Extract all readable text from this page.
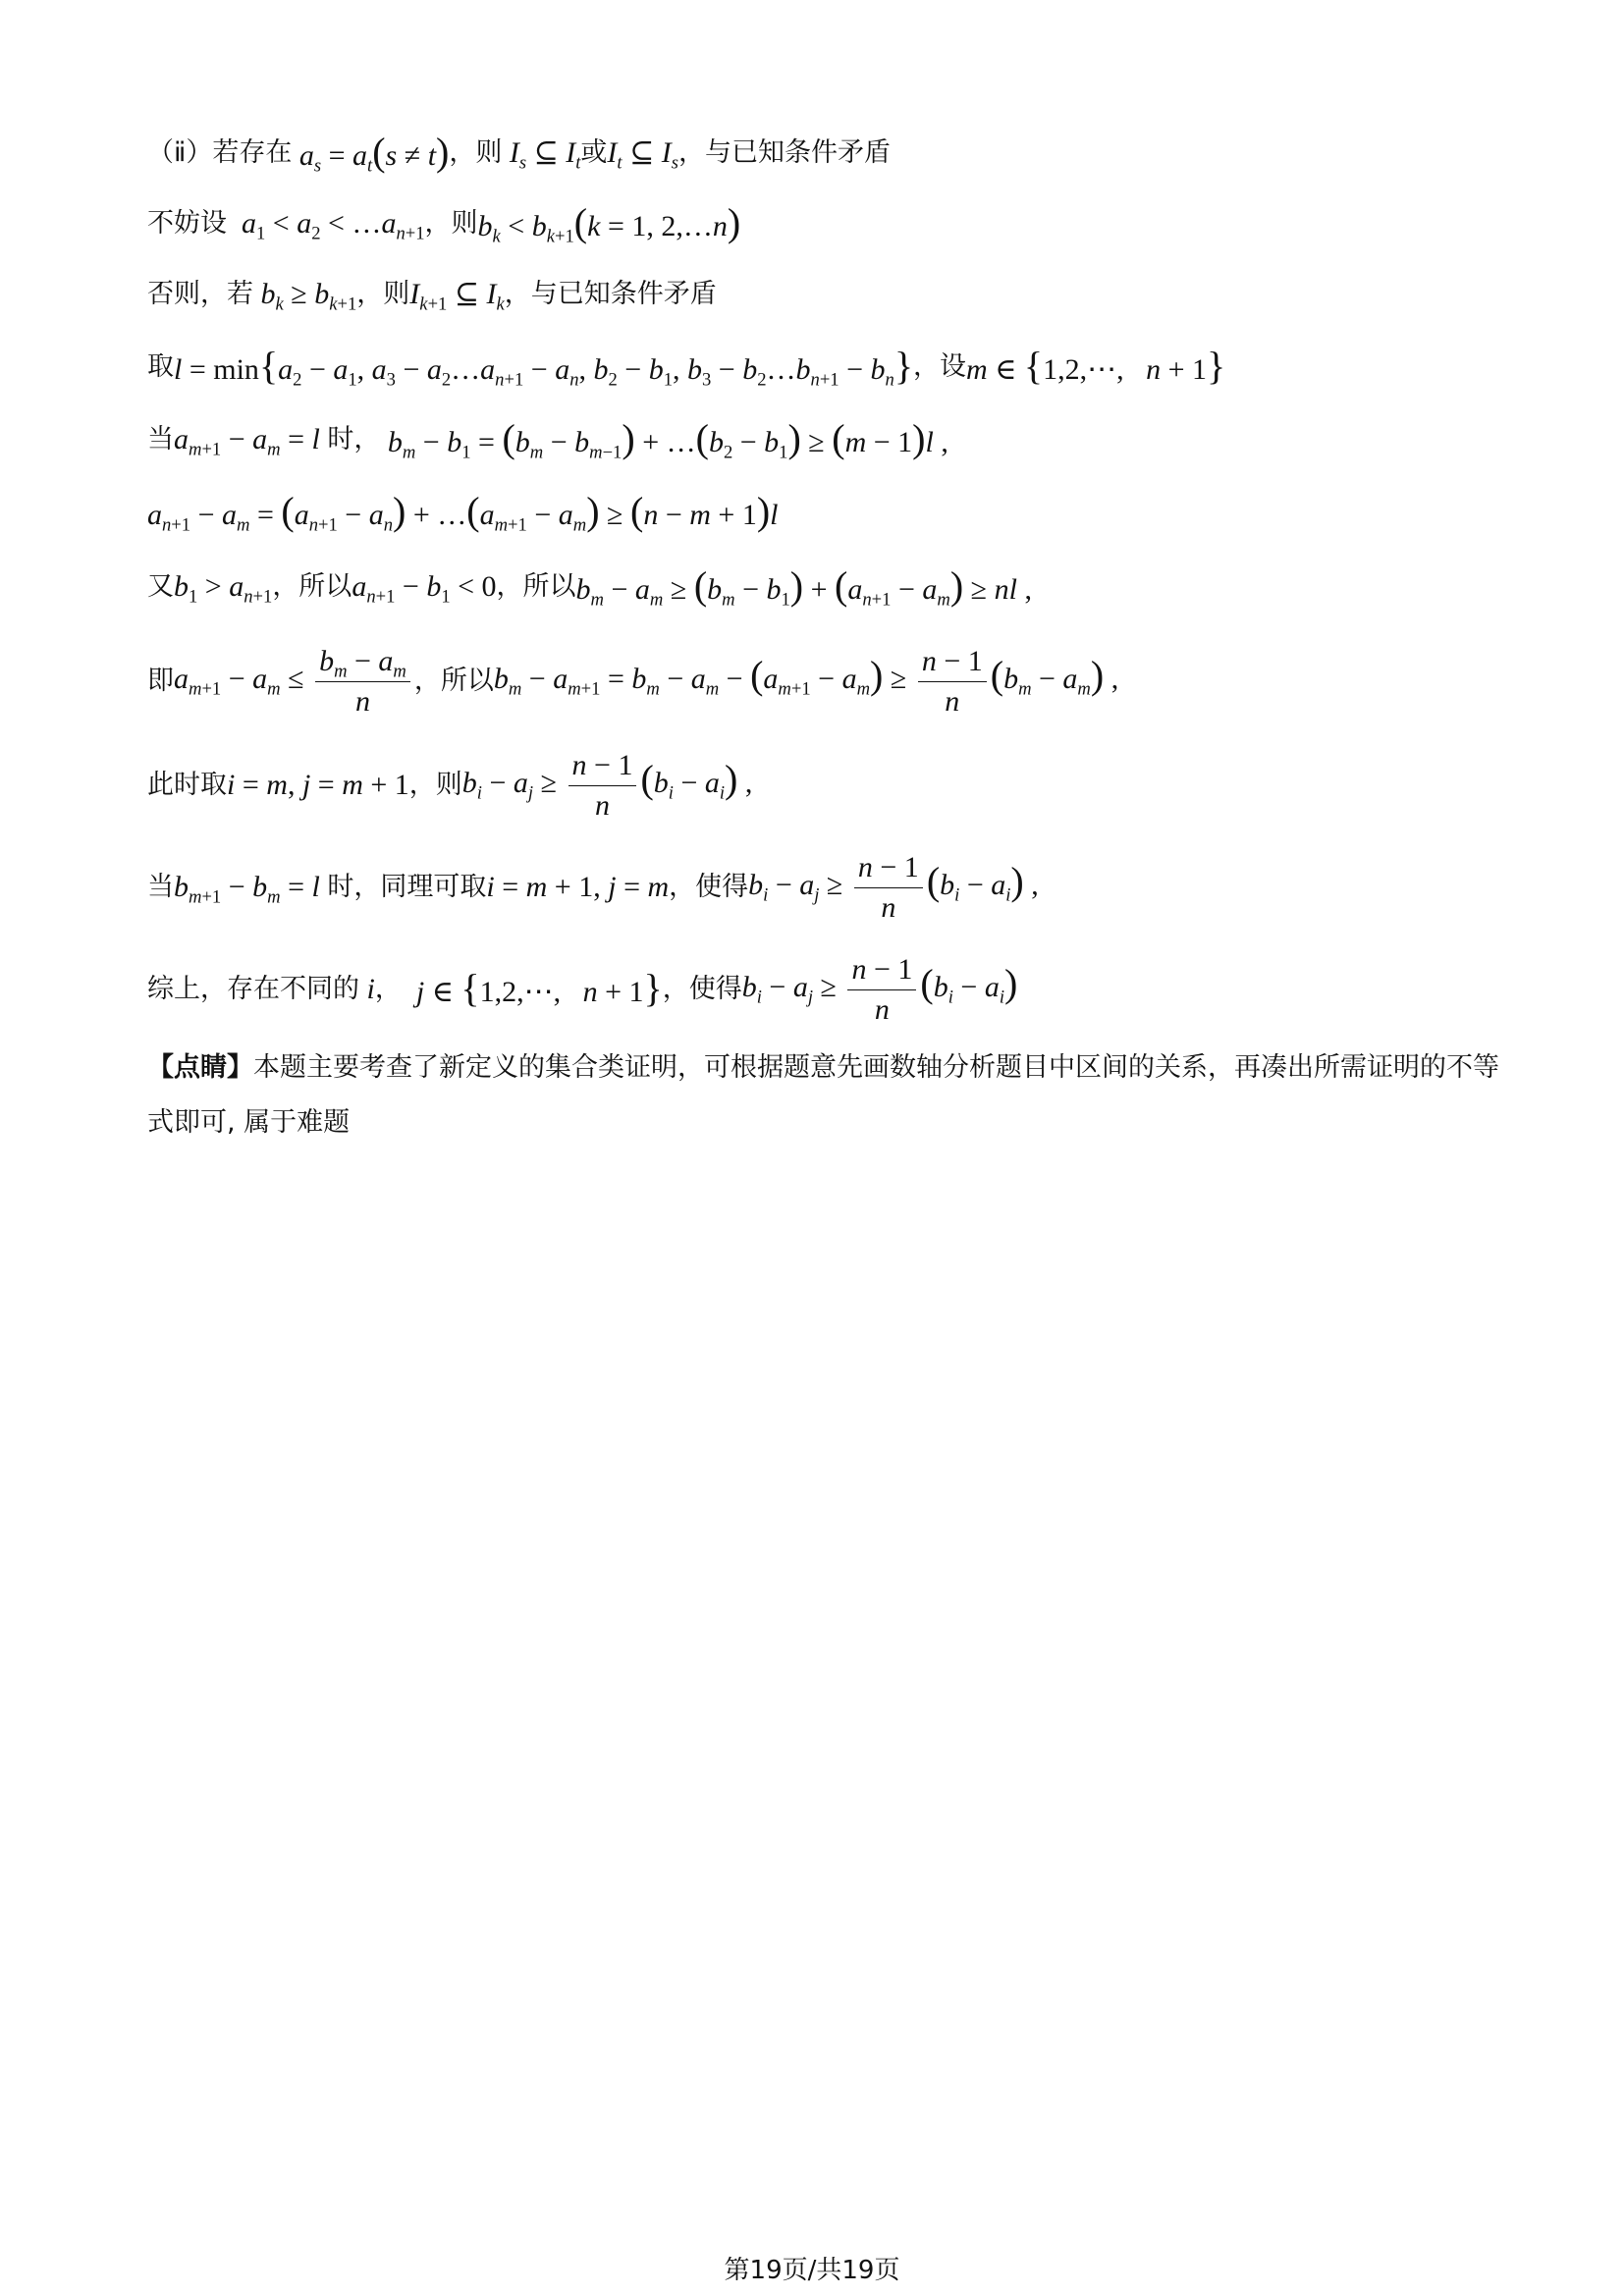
（ⅱ）若存在 $a_s = a_t(s \ne t)$ ，则 $I_s$ ⊆ $I_t$ 或 $I_t$ ⊆ $I_s$ ，与已知条件矛盾
不妨设 $a_1 < a_2$ < $\dots a_{n+1}$ ，则 $b_k < b_{k+1}(k = 1$, 2,…n)
否则，若 $b_k \ge b_{k+1}$ ，则 $I_{k+1}$ ⊆ $I_k$ ，与已知条件矛盾
取 $l = \min\{a_2 - a_1$, $a_3$ − $a_2\dots a_{n+1} - a_n$, $b_2 - b_1$, $b_3$ − $b_2\dots b_{n+1} - b_n$} ，设 m ∈ {1,2,⋯,   n + 1}
当 $a_{m+1} - a_m = l$ 时， $b_m - b_1 = (b_m - b_{m-1})$ + $\dots(b_2 - b_1) \ge (m - 1)l$ ,
$a_{n+1} - a_m = (a_{n+1} - a_n)$ + $\dots(a_{m+1} - a_m) \ge (n - m + 1)l$
又 $b_1 > a_{n+1}$ ，所以 $a_{n+1} - b_1 < 0$ ，所以 $b_m - a_m \ge (b_m - b_1) + (a_{n+1} - a_m)$ ≥ nl ,
即 $a_{m+1} - a_m \le \frac{b_m - a_m}{n}$ ，所以 $b_m - a_{m+1} = b_m - a_m - (a_{m+1} - a_m) \ge \frac{n - 1}{n} (b_m - a_m)$ ,
此时取 i = m, j = m + 1 ，则 $b_i - a_j \ge \frac{n - 1}{n} (b_i - a_i)$ ,
当 $b_{m+1} - b_m = l$ 时，同理可取 i = m + 1, j = m ，使得 $b_i - a_j \ge \frac{n - 1}{n} (b_i - a_i)$ ,
综上，存在不同的 i ， j ∈ {1,2,⋯,   n + 1} ，使得 $b_i - a_j \ge \frac{n - 1}{n} (b_i - a_i)$
【点睛】本题主要考查了新定义的集合类证明，可根据题意先画数轴分析题目中区间的关系，再凑出所需证明的不等式即可, 属于难题
第19页/共19页
